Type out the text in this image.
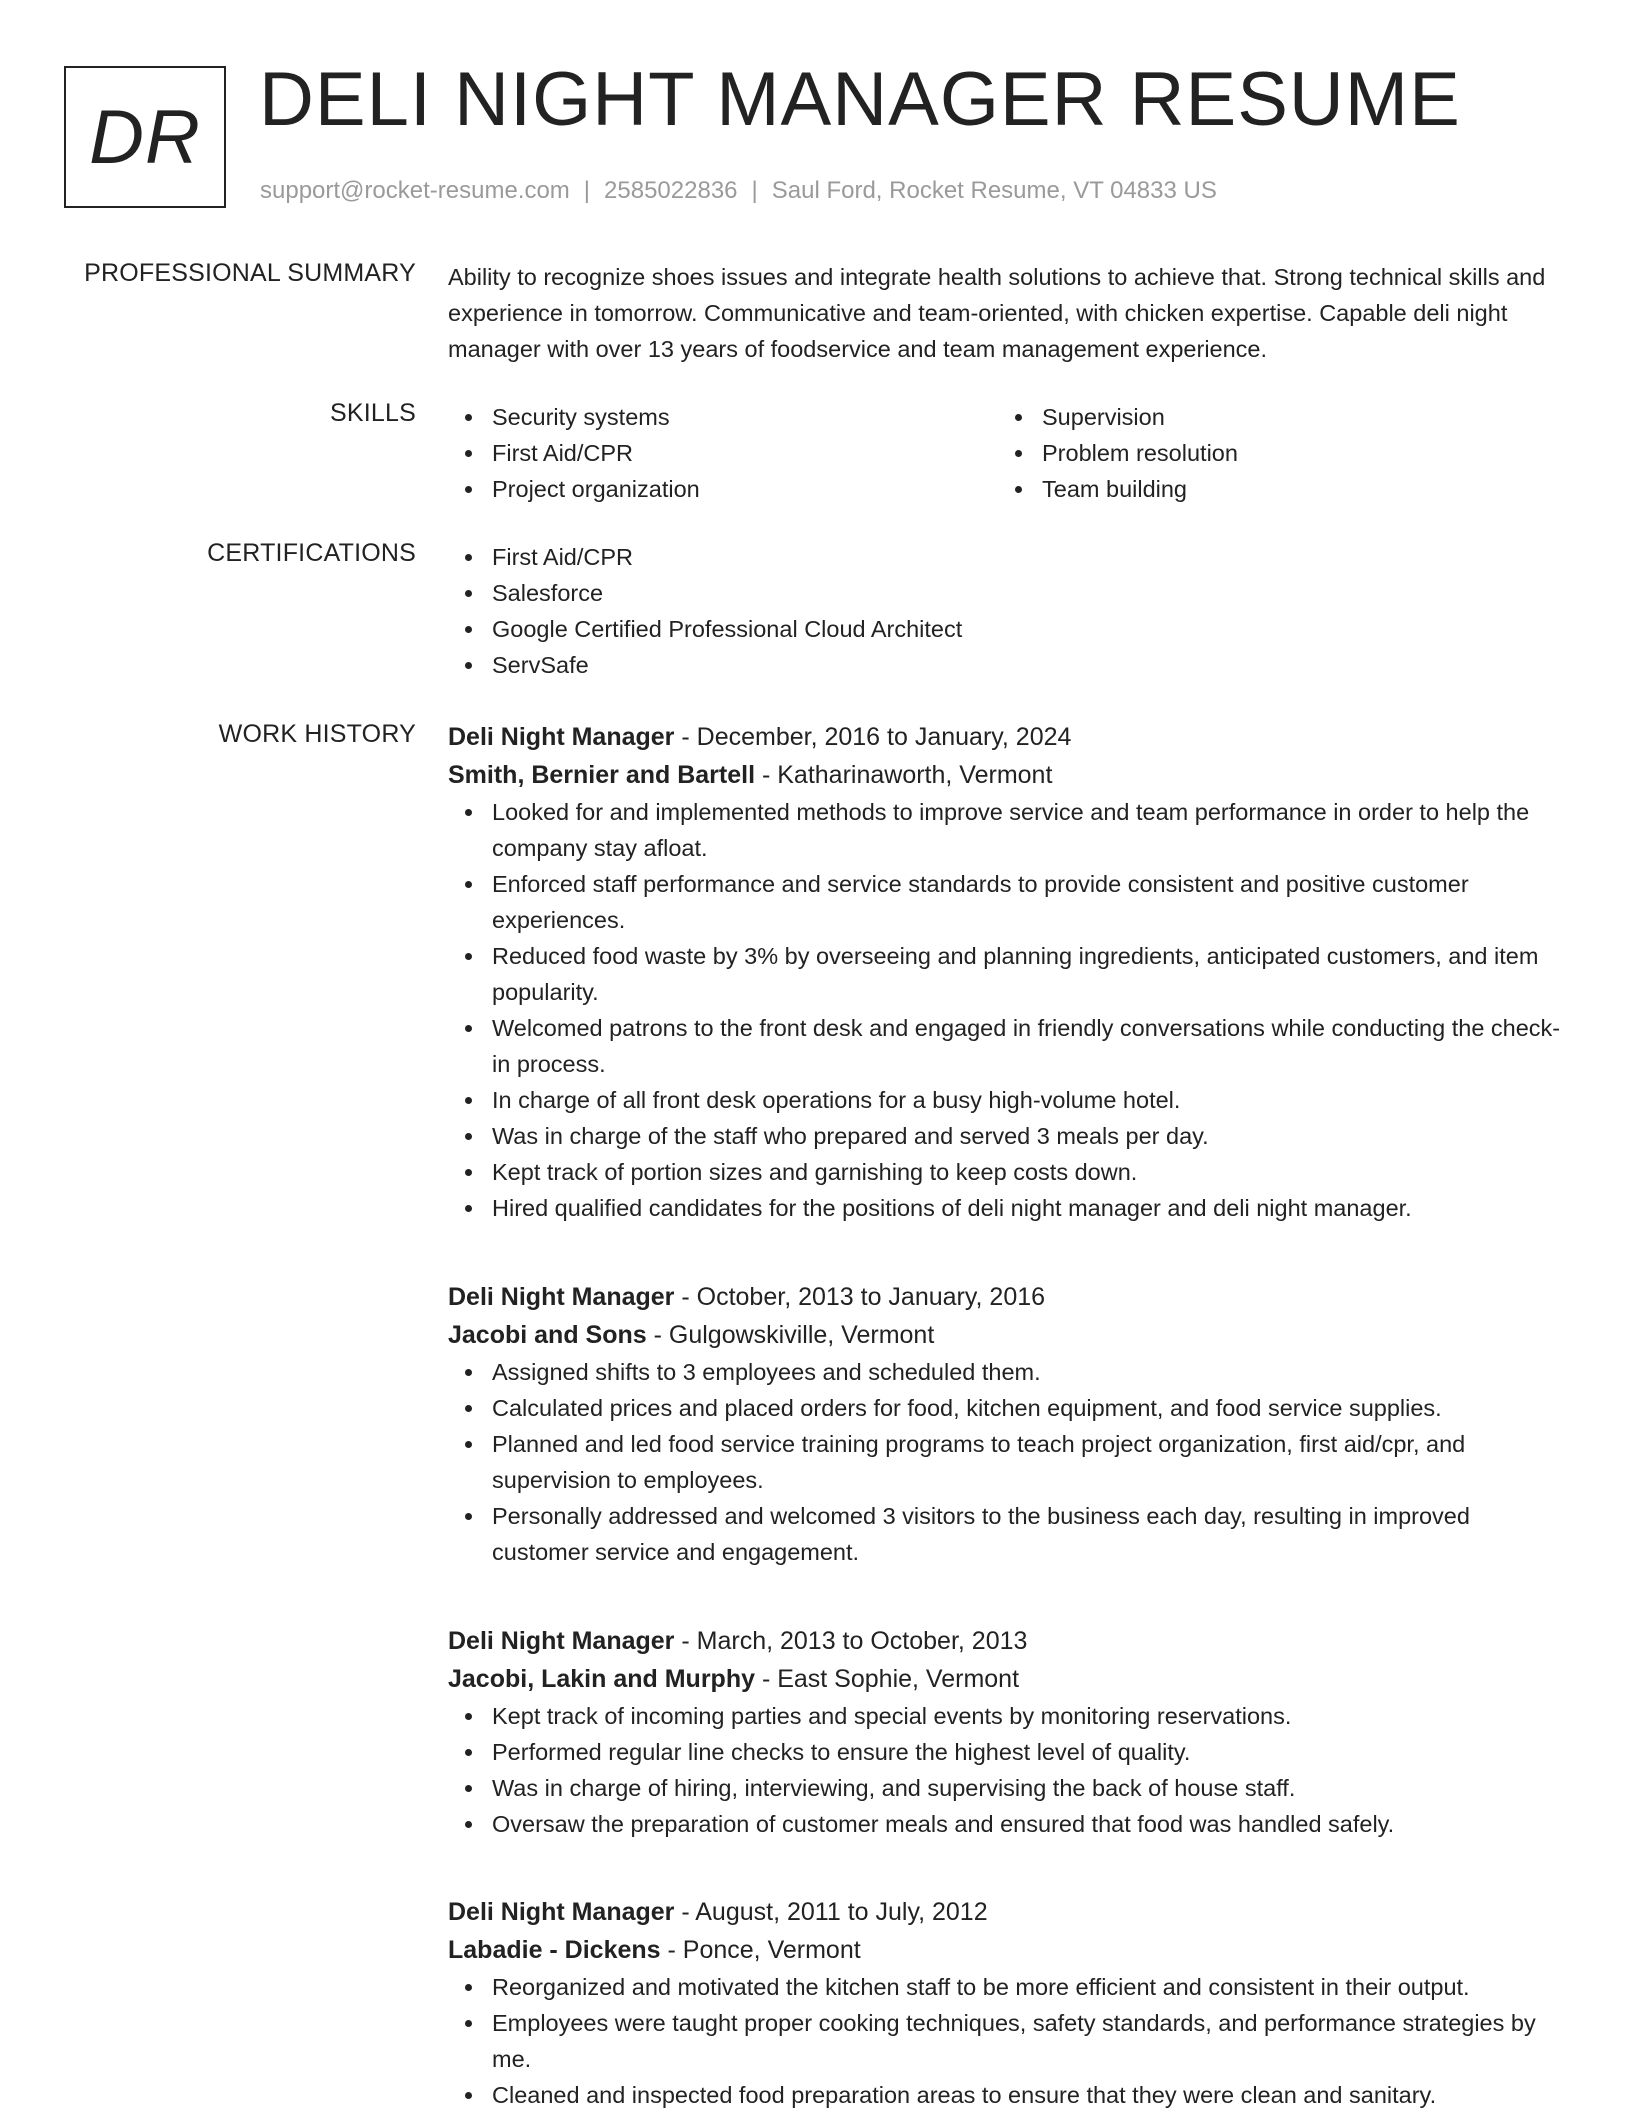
DR DELI NIGHT MANAGER RESUME
support@rocket-resume.com | 2585022836 | Saul Ford, Rocket Resume, VT 04833 US
PROFESSIONAL SUMMARY Ability to recognize shoes issues and integrate health solutions to achieve that. Strong technical skills and experience in tomorrow. Communicative and team-oriented, with chicken expertise. Capable deli night manager with over 13 years of foodservice and team management experience.

SKILLS	Security systems
First Aid/CPR
Project organization
Supervision
Problem resolution
Team building
CERTIFICATIONS	First Aid/CPR
Salesforce
Google Certified Professional Cloud Architect
ServSafe
WORK HISTORY Deli Night Manager - December, 2016 to January, 2024
Smith, Bernier and Bartell - Katharinaworth, Vermont
Looked for and implemented methods to improve service and team performance in order to help the company stay afloat.
Enforced staff performance and service standards to provide consistent and positive customer experiences.
Reduced food waste by 3% by overseeing and planning ingredients, anticipated customers, and item popularity.
Welcomed patrons to the front desk and engaged in friendly conversations while conducting the check-in process.
In charge of all front desk operations for a busy high-volume hotel.
Was in charge of the staff who prepared and served 3 meals per day.
Kept track of portion sizes and garnishing to keep costs down.
Hired qualified candidates for the positions of deli night manager and deli night manager.
Deli Night Manager - October, 2013 to January, 2016
Jacobi and Sons - Gulgowskiville, Vermont
Assigned shifts to 3 employees and scheduled them.
Calculated prices and placed orders for food, kitchen equipment, and food service supplies.
Planned and led food service training programs to teach project organization, first aid/cpr, and supervision to employees.
Personally addressed and welcomed 3 visitors to the business each day, resulting in improved customer service and engagement.
Deli Night Manager - March, 2013 to October, 2013
Jacobi, Lakin and Murphy - East Sophie, Vermont
Kept track of incoming parties and special events by monitoring reservations.
Performed regular line checks to ensure the highest level of quality.
Was in charge of hiring, interviewing, and supervising the back of house staff.
Oversaw the preparation of customer meals and ensured that food was handled safely.
Deli Night Manager - August, 2011 to July, 2012
Labadie - Dickens - Ponce, Vermont
Reorganized and motivated the kitchen staff to be more efficient and consistent in their output.
Employees were taught proper cooking techniques, safety standards, and performance strategies by me.
Cleaned and inspected food preparation areas to ensure that they were clean and sanitary.
